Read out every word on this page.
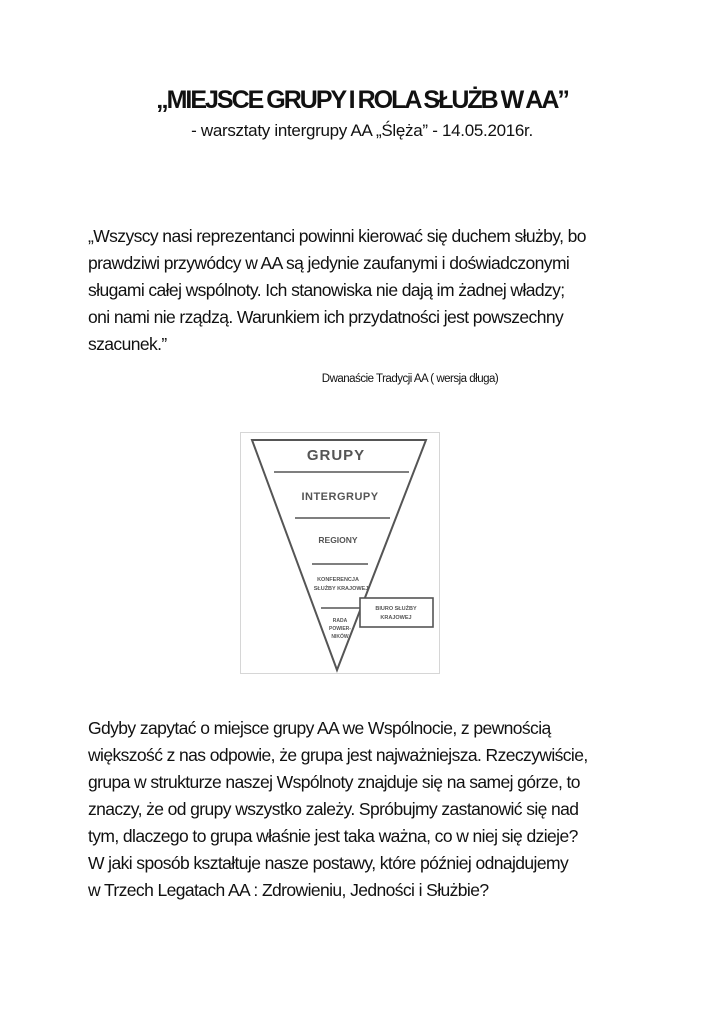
„MIEJSCE GRUPY I ROLA SŁUŻB W AA”
- warsztaty intergrupy AA „Ślęża” - 14.05.2016r.
„Wszyscy nasi reprezentanci powinni kierować się duchem służby, bo
prawdziwi przywódcy w AA są jedynie zaufanymi i doświadczonymi
sługami całej wspólnoty. Ich stanowiska nie dają im żadnej władzy;
oni nami nie rządzą. Warunkiem ich przydatności jest powszechny
szacunek.”
Dwanaście Tradycji AA ( wersja długa)
GRUPY
INTERGRUPY
REGIONY
KONFERENCJA
SŁUŻBY KRAJOWEJ
RADA
POWIER-
NIKÓW
BIURO SŁUŻBY
KRAJOWEJ
Gdyby zapytać o miejsce grupy AA we Wspólnocie, z pewnością
większość z nas odpowie, że grupa jest najważniejsza. Rzeczywiście,
grupa w strukturze naszej Wspólnoty znajduje się na samej górze, to
znaczy, że od grupy wszystko zależy. Spróbujmy zastanowić się nad
tym, dlaczego to grupa właśnie jest taka ważna, co w niej się dzieje?
W jaki sposób kształtuje nasze postawy, które później odnajdujemy
w Trzech Legatach AA : Zdrowieniu, Jedności i Służbie?
